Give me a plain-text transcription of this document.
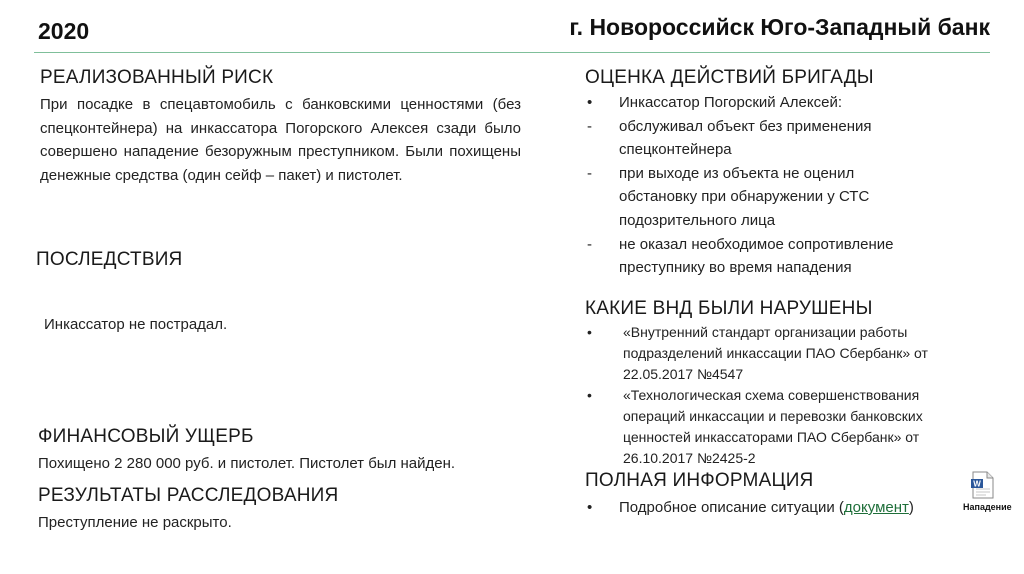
2020	г. Новороссийск Юго-Западный банк
РЕАЛИЗОВАННЫЙ РИСК
При посадке в спецавтомобиль с банковскими ценностями (без спецконтейнера) на инкассатора Погорского Алексея сзади было совершено нападение безоружным преступником. Были похищены денежные средства (один сейф – пакет) и пистолет.
ПОСЛЕДСТВИЯ
Инкассатор не пострадал.
ФИНАНСОВЫЙ УЩЕРБ
Похищено 2 280 000 руб. и пистолет. Пистолет был найден.
РЕЗУЛЬТАТЫ РАССЛЕДОВАНИЯ
Преступление не раскрыто.
ОЦЕНКА ДЕЙСТВИЙ БРИГАДЫ
• Инкассатор Погорский Алексей:
- обслуживал объект без применения спецконтейнера
- при выходе из объекта не оценил обстановку при обнаружении у СТС подозрительного лица
- не оказал необходимое сопротивление преступнику во время нападения
КАКИЕ ВНД БЫЛИ НАРУШЕНЫ
• «Внутренний стандарт организации работы подразделений инкассации ПАО Сбербанк» от 22.05.2017 №4547
• «Технологическая схема совершенствования операций инкассации и перевозки банковских ценностей инкассаторами ПАО Сбербанк» от 26.10.2017 №2425-2
ПОЛНАЯ ИНФОРМАЦИЯ
• Подробное описание ситуации (документ)
W
Нападение
